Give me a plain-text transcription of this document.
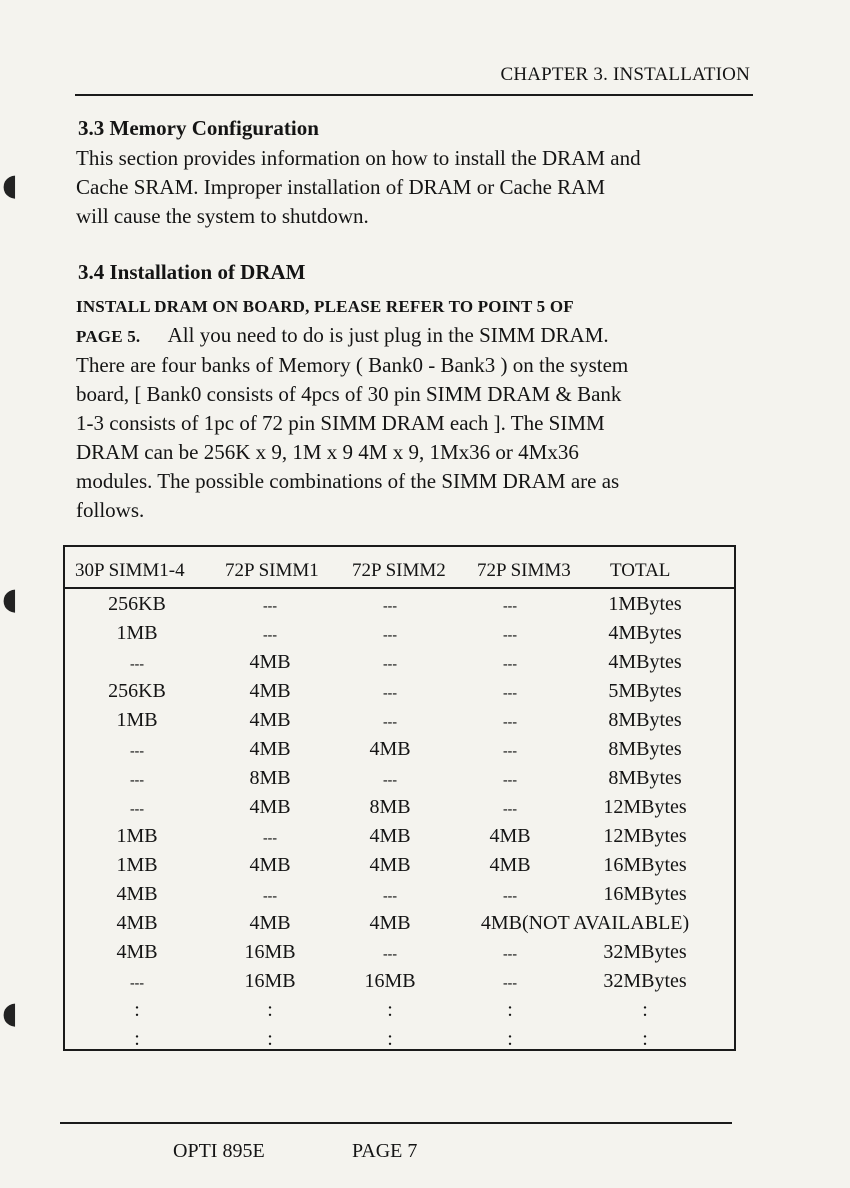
◖
◖
◖
CHAPTER 3. INSTALLATION
3.3 Memory Configuration
This section provides information on how to install the DRAM and
Cache SRAM. Improper installation of DRAM or Cache RAM
will cause the system to shutdown.
3.4 Installation of DRAM
INSTALL DRAM ON BOARD, PLEASE REFER TO POINT 5 OF
PAGE 5. All you need to do is just plug in the SIMM DRAM.
There are four banks of Memory ( Bank0 - Bank3 ) on the system
board, [ Bank0 consists of 4pcs of 30 pin SIMM DRAM & Bank
1-3 consists of 1pc of 72 pin SIMM DRAM each ]. The SIMM
DRAM can be 256K x 9, 1M x 9 4M x 9, 1Mx36 or 4Mx36
modules. The possible combinations of the SIMM DRAM are as
follows.
30P SIMM1-4 72P SIMM1 72P SIMM2 72P SIMM3 TOTAL
256KB	---	---	---	1MBytes
1MB	---	---	---	4MBytes
---	4MB	---	---	4MBytes
256KB	4MB	---	---	5MBytes
1MB	4MB	---	---	8MBytes
---	4MB	4MB	---	8MBytes
---	8MB	---	---	8MBytes
---	4MB	8MB	---	12MBytes
1MB	---	4MB	4MB	12MBytes
1MB	4MB	4MB	4MB	16MBytes
4MB	---	---	---	16MBytes
4MB	4MB	4MB	4MB(NOT AVAILABLE)
4MB	16MB	---	---	32MBytes
---	16MB	16MB	---	32MBytes
:	:	:	:	:
:	:	:	:	:
OPTI 895E	PAGE 7
